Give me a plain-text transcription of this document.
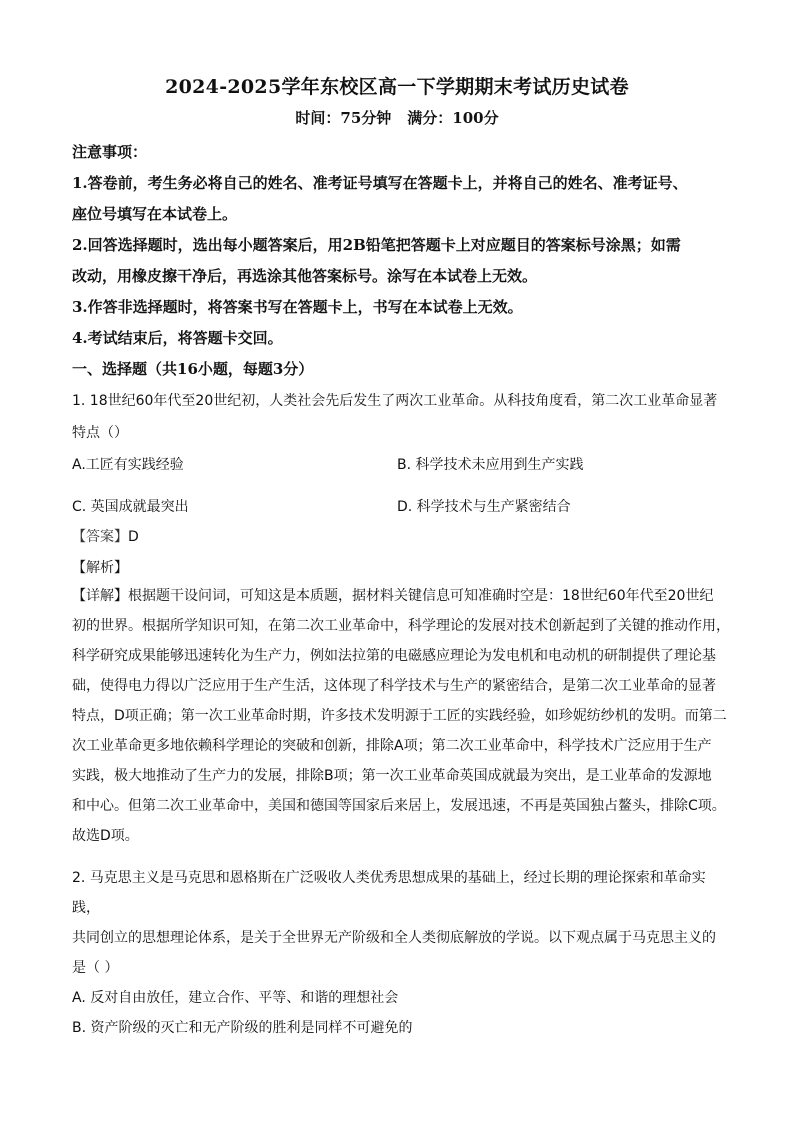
2024-2025学年东校区高一下学期期末考试历史试卷
时间：75分钟 满分：100分
注意事项：
1.答卷前，考生务必将自己的姓名、准考证号填写在答题卡上，并将自己的姓名、准考证号、
座位号填写在本试卷上。
2.回答选择题时，选出每小题答案后，用2B铅笔把答题卡上对应题目的答案标号涂黑；如需
改动，用橡皮擦干净后，再选涂其他答案标号。涂写在本试卷上无效。
3.作答非选择题时，将答案书写在答题卡上，书写在本试卷上无效。
4.考试结束后，将答题卡交回。
一、选择题（共16小题，每题3分）
1. 18世纪60年代至20世纪初，人类社会先后发生了两次工业革命。从科技角度看，第二次工业革命显著
特点（）
A.工匠有实践经验	B. 科学技术未应用到生产实践
C. 英国成就最突出	D. 科学技术与生产紧密结合
【答案】D
【解析】
【详解】根据题干设问词，可知这是本质题，据材料关键信息可知准确时空是：18世纪60年代至20世纪
初的世界。根据所学知识可知，在第二次工业革命中，科学理论的发展对技术创新起到了关键的推动作用，
科学研究成果能够迅速转化为生产力，例如法拉第的电磁感应理论为发电机和电动机的研制提供了理论基
础，使得电力得以广泛应用于生产生活，这体现了科学技术与生产的紧密结合，是第二次工业革命的显著
特点，D项正确；第一次工业革命时期，许多技术发明源于工匠的实践经验，如珍妮纺纱机的发明。而第二
次工业革命更多地依赖科学理论的突破和创新，排除A项；第二次工业革命中，科学技术广泛应用于生产
实践，极大地推动了生产力的发展，排除B项；第一次工业革命英国成就最为突出，是工业革命的发源地
和中心。但第二次工业革命中，美国和德国等国家后来居上，发展迅速，不再是英国独占鳌头，排除C项。
故选D项。
2. 马克思主义是马克思和恩格斯在广泛吸收人类优秀思想成果的基础上，经过长期的理论探索和革命实践，
共同创立的思想理论体系，是关于全世界无产阶级和全人类彻底解放的学说。以下观点属于马克思主义的
是（ ）
A. 反对自由放任，建立合作、平等、和谐的理想社会
B. 资产阶级的灭亡和无产阶级的胜利是同样不可避免的
